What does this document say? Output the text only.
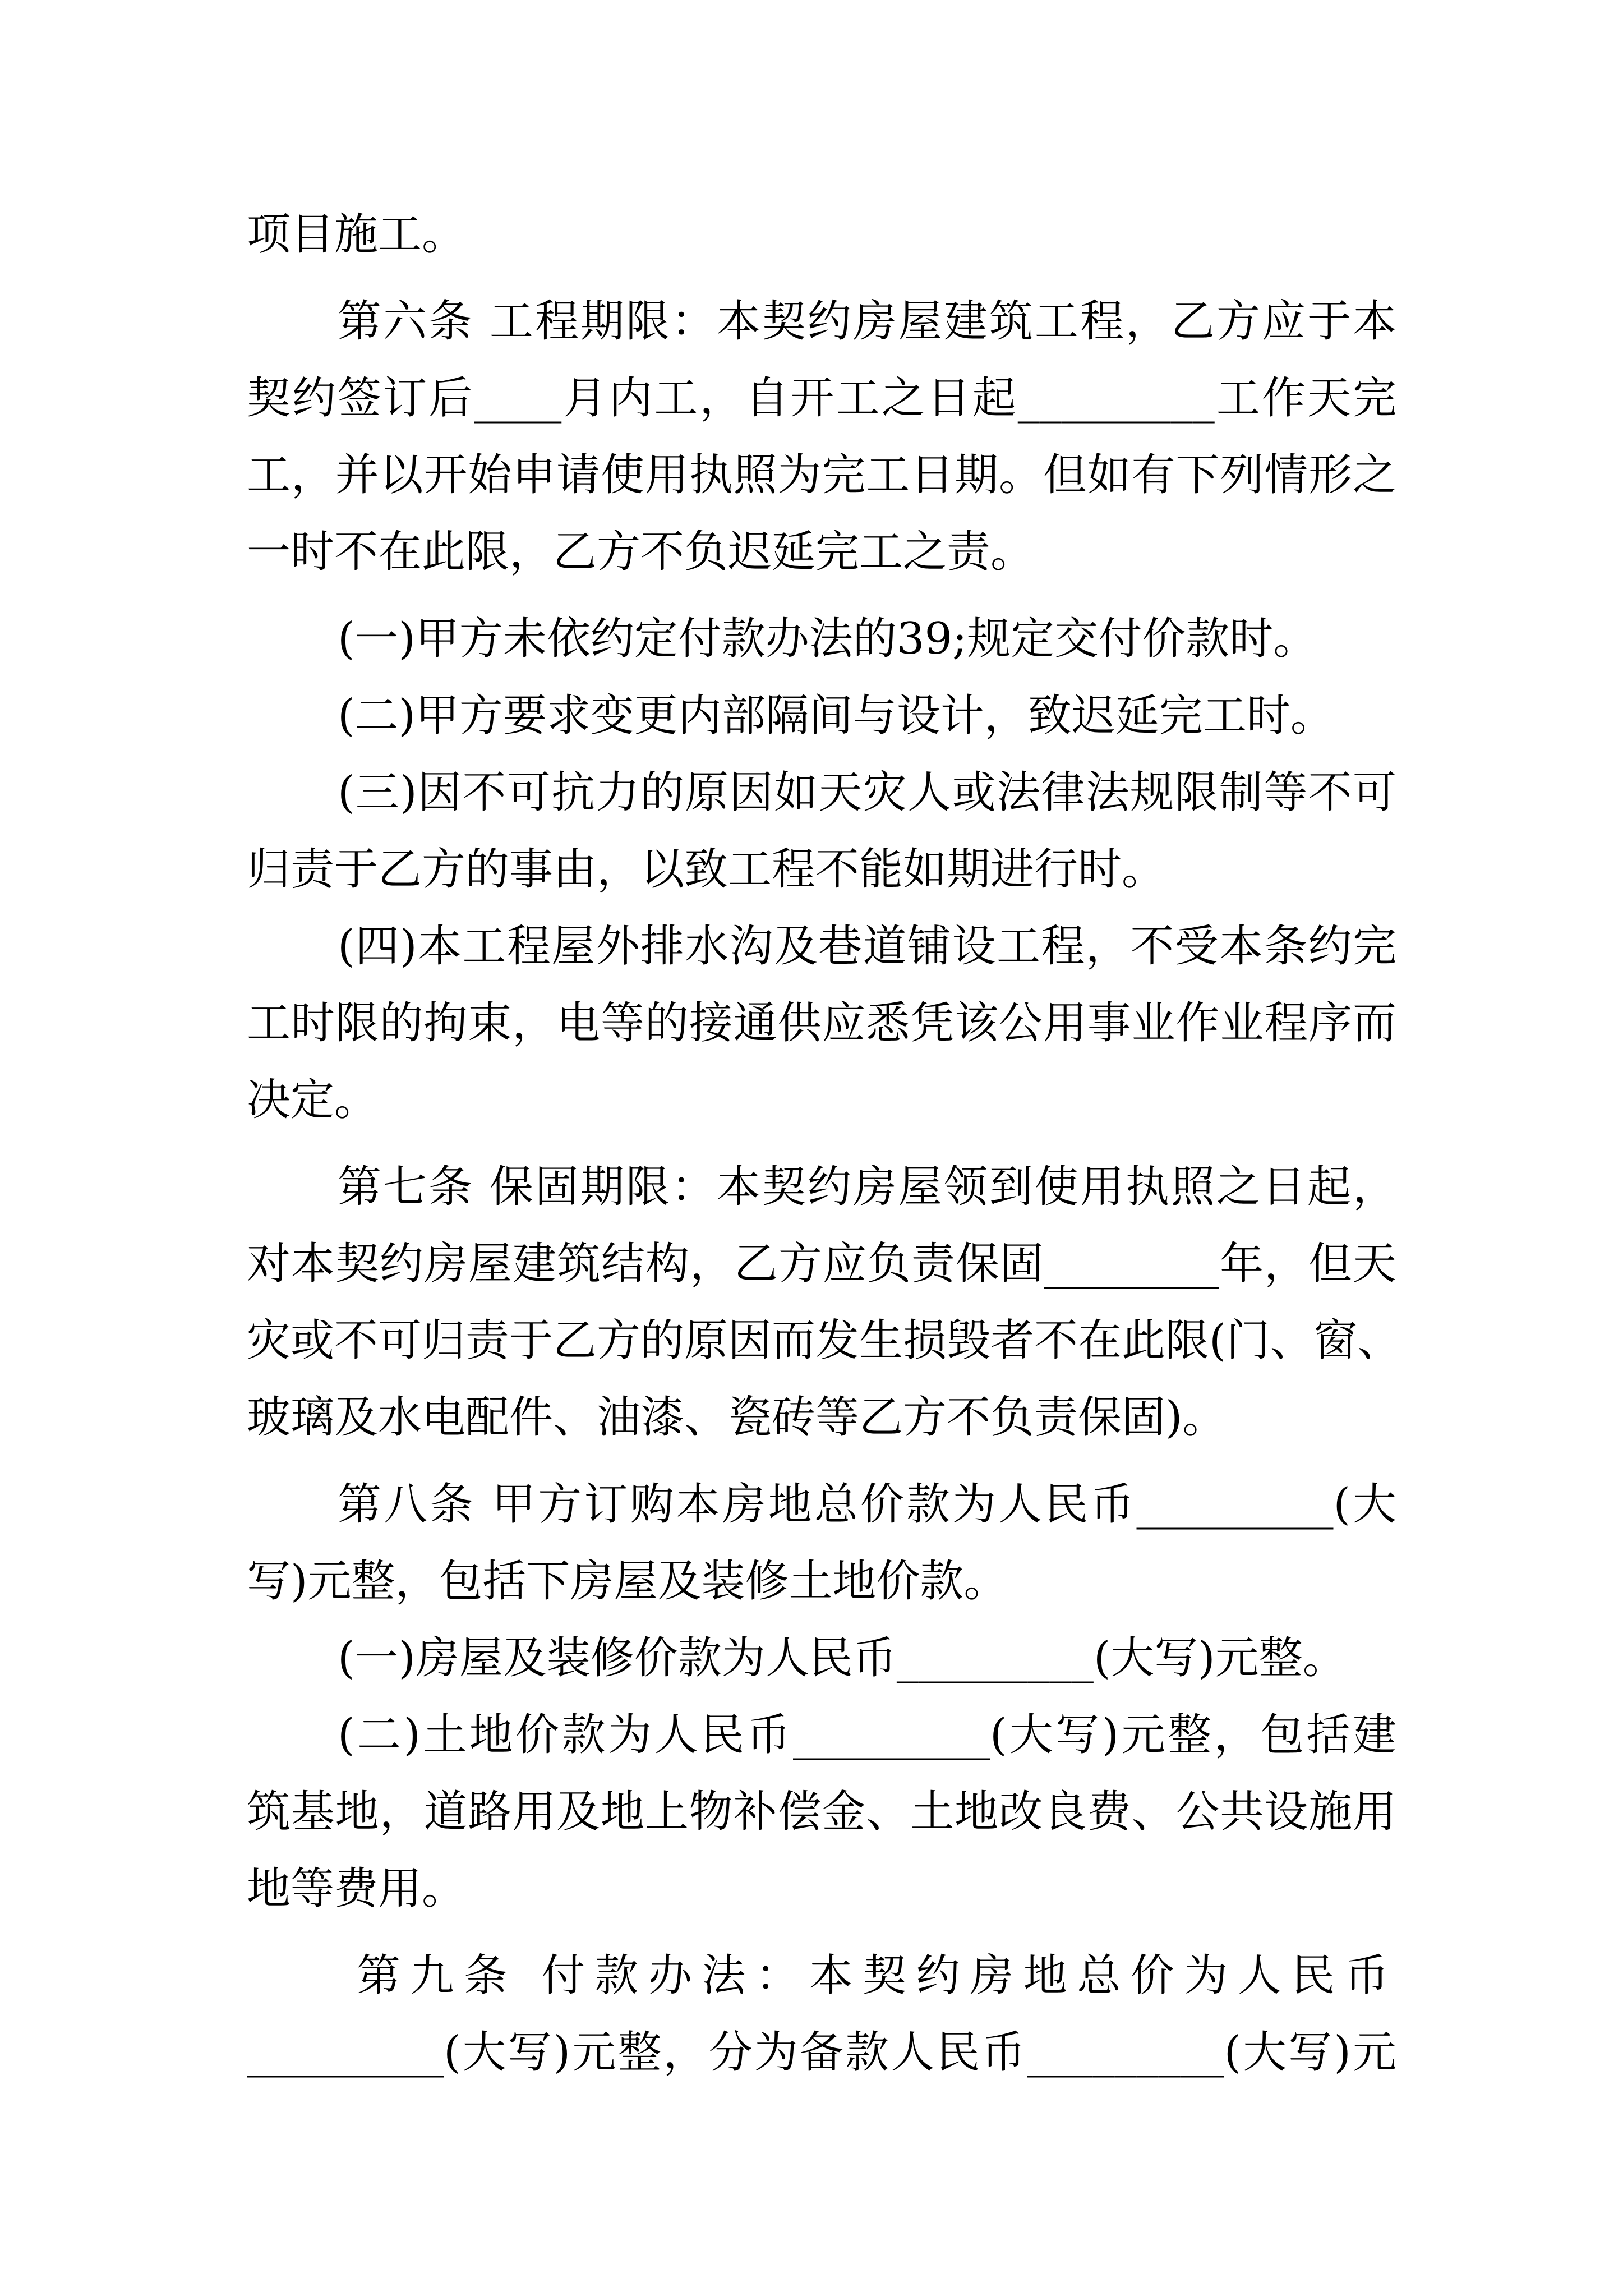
项目施工。
第六条 工程期限：本契约房屋建筑工程，乙方应于本
契约签订后____月内工，自开工之日起_________工作天完
工，并以开始申请使用执照为完工日期。但如有下列情形之
一时不在此限，乙方不负迟延完工之责。
(一)甲方未依约定付款办法的39;规定交付价款时。
(二)甲方要求变更内部隔间与设计，致迟延完工时。
(三)因不可抗力的原因如天灾人或法律法规限制等不可
归责于乙方的事由，以致工程不能如期进行时。
(四)本工程屋外排水沟及巷道铺设工程，不受本条约完
工时限的拘束，电等的接通供应悉凭该公用事业作业程序而
决定。
第七条 保固期限：本契约房屋领到使用执照之日起，
对本契约房屋建筑结构，乙方应负责保固________年，但天
灾或不可归责于乙方的原因而发生损毁者不在此限(门、窗、
玻璃及水电配件、油漆、瓷砖等乙方不负责保固)。
第八条 甲方订购本房地总价款为人民币_________(大
写)元整，包括下房屋及装修土地价款。
(一)房屋及装修价款为人民币_________(大写)元整。
(二)土地价款为人民币_________(大写)元整，包括建
筑基地，道路用及地上物补偿金、土地改良费、公共设施用
地等费用。
第九条 付款办法：本契约房地总价为人民币
_________(大写)元整，分为备款人民币_________(大写)元
